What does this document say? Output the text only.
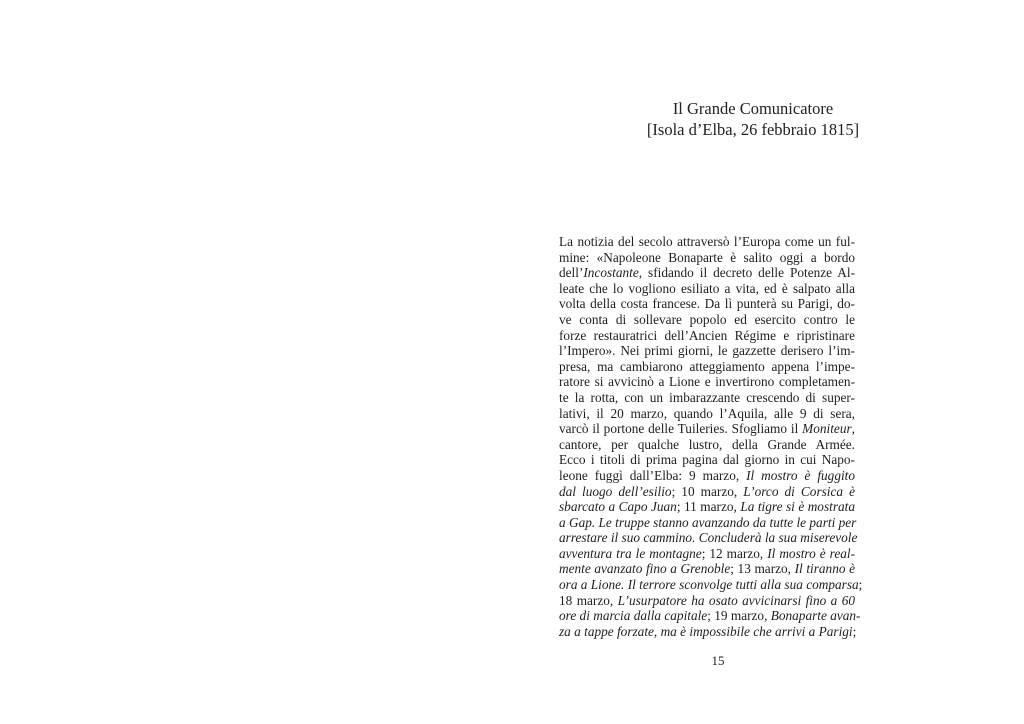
Il Grande Comunicatore
[Isola d’Elba, 26 febbraio 1815]
La notizia del secolo attraversò l’Europa come un ful-
mine: «Napoleone Bonaparte è salito oggi a bordo
dell’Incostante, sfidando il decreto delle Potenze Al-
leate che lo vogliono esiliato a vita, ed è salpato alla
volta della costa francese. Da lì punterà su Parigi, do-
ve conta di sollevare popolo ed esercito contro le
forze restauratrici dell’Ancien Régime e ripristinare
l’Impero». Nei primi giorni, le gazzette derisero l’im-
presa, ma cambiarono atteggiamento appena l’impe-
ratore si avvicinò a Lione e invertirono completamen-
te la rotta, con un imbarazzante crescendo di super-
lativi, il 20 marzo, quando l’Aquila, alle 9 di sera,
varcò il portone delle Tuileries. Sfogliamo il Moniteur,
cantore, per qualche lustro, della Grande Armée.
Ecco i titoli di prima pagina dal giorno in cui Napo-
leone fuggì dall’Elba: 9 marzo, Il mostro è fuggito
dal luogo dell’esilio; 10 marzo, L’orco di Corsica è
sbarcato a Capo Juan; 11 marzo, La tigre si è mostrata
a Gap. Le truppe stanno avanzando da tutte le parti per
arrestare il suo cammino. Concluderà la sua miserevole
avventura tra le montagne; 12 marzo, Il mostro è real-
mente avanzato fino a Grenoble; 13 marzo, Il tiranno è
ora a Lione. Il terrore sconvolge tutti alla sua comparsa;
18 marzo, L’usurpatore ha osato avvicinarsi fino a 60
ore di marcia dalla capitale; 19 marzo, Bonaparte avan-
za a tappe forzate, ma è impossibile che arrivi a Parigi;
15
